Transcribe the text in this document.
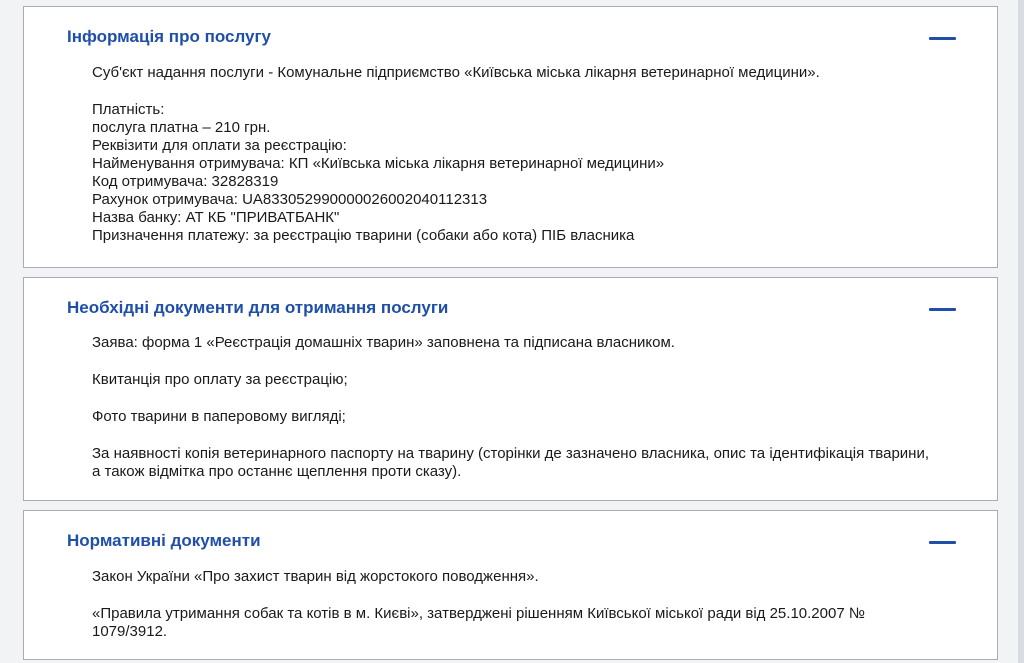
Інформація про послугу

Суб'єкт надання послуги - Комунальне підприємство «Київська міська лікарня ветеринарної медицини».

Платність:

послуга платна – 210 грн.

Реквізити для оплати за реєстрацію:

Найменування отримувача: КП «Київська міська лікарня ветеринарної медицини»

Код отримувача: 32828319

Рахунок отримувача: UA833052990000026002040112313

Назва банку: АТ КБ "ПРИВАТБАНК"

Призначення платежу: за реєстрацію тварини (собаки або кота) ПІБ власника

Необхідні документи для отримання послуги

Заява: форма 1 «Реєстрація домашніх тварин» заповнена та підписана власником.

Квитанція про оплату за реєстрацію;

Фото тварини в паперовому вигляді;

За наявності копія ветеринарного паспорту на тварину (сторінки де зазначено власника, опис та ідентифікація тварини, а також відмітка про останнє щеплення проти сказу).

Нормативні документи

Закон України «Про захист тварин від жорстокого поводження».

«Правила утримання собак та котів в м. Києві», затверджені рішенням Київської міської ради від 25.10.2007 № 1079/3912.
